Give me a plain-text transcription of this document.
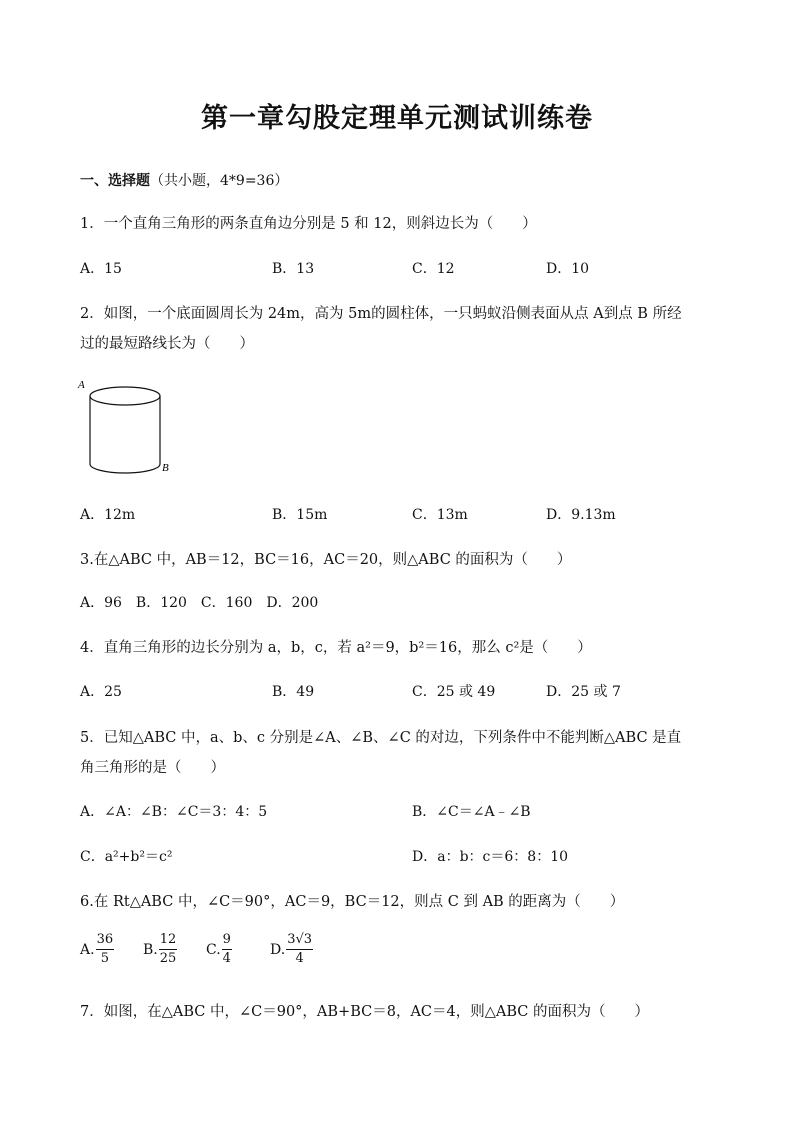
第一章勾股定理单元测试训练卷
一、选择题（共小题，4*9=36）
1．一个直角三角形的两条直角边分别是 5 和 12，则斜边长为（　　）
A．15	B．13	C．12	D．10
2．如图，一个底面圆周长为 24m，高为 5m的圆柱体，一只蚂蚁沿侧表面从点 A到点 B 所经
过的最短路线长为（　　）
A
B
A．12m	B．15m	C．13m	D．9.13m
3.在△ABC 中，AB＝12，BC＝16，AC＝20，则△ABC 的面积为（　　）
A．96　B．120　C．160　D．200
4．直角三角形的边长分别为 a，b，c，若 a²＝9，b²＝16，那么 c²是（　　）
A．25	B．49	C．25 或 49	D．25 或 7
5．已知△ABC 中，a、b、c 分别是∠A、∠B、∠C 的对边，下列条件中不能判断△ABC 是直
角三角形的是（　　）
A．∠A：∠B：∠C＝3：4：5	B．∠C＝∠A﹣∠B
C．a²+b²＝c²	D．a：b：c＝6：8：10
6.在 Rt△ABC 中，∠C＝90°，AC＝9，BC＝12，则点 C 到 AB 的距离为（　　）
A. $\frac{36}{5} B$. $\frac{12}{25} C$. $\frac{9}{4}$	D. $\frac{3√3}{4}$
7．如图，在△ABC 中，∠C＝90°，AB+BC＝8，AC＝4，则△ABC 的面积为（　　）
